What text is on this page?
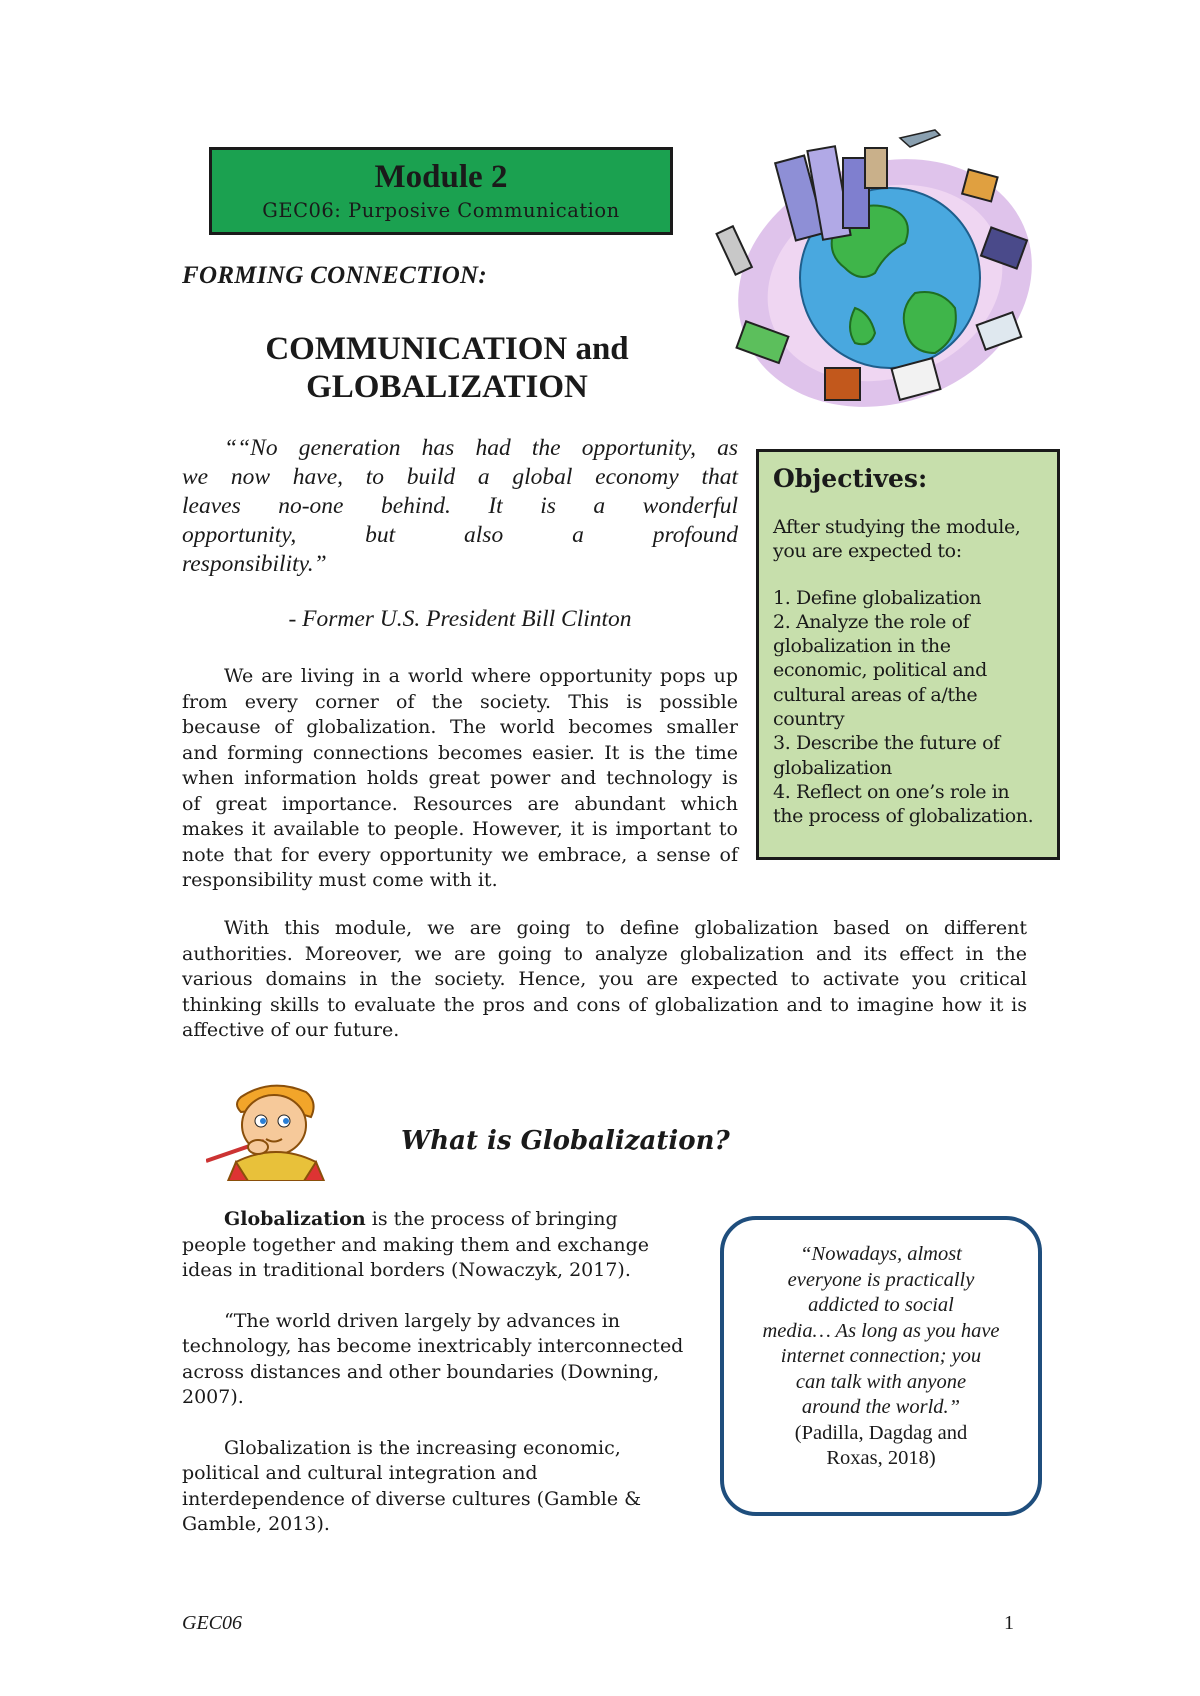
Module 2
GEC06: Purposive Communication
FORMING CONNECTION:
COMMUNICATION and
GLOBALIZATION
““No generation has had the opportunity, as
we now have, to build a global economy that
leaves no-one behind. It is a wonderful
opportunity, but also a profound
responsibility.”
- Former U.S. President Bill Clinton
We are living in a world where opportunity pops up
from every corner of the society. This is possible
because of globalization. The world becomes smaller
and forming connections becomes easier. It is the time
when information holds great power and technology is
of great importance. Resources are abundant which
makes it available to people. However, it is important to
note that for every opportunity we embrace, a sense of
responsibility must come with it.
Objectives:
After studying the module,
you are expected to:
1. Define globalization
2. Analyze the role of
globalization in the
economic, political and
cultural areas of a/the
country
3. Describe the future of
globalization
4. Reflect on one’s role in
the process of globalization.
With this module, we are going to define globalization based on different
authorities. Moreover, we are going to analyze globalization and its effect in the
various domains in the society. Hence, you are expected to activate you critical
thinking skills to evaluate the pros and cons of globalization and to imagine how it is
affective of our future.
What is Globalization?
Globalization is the process of bringing
people together and making them and exchange
ideas in traditional borders (Nowaczyk, 2017).
“The world driven largely by advances in
technology, has become inextricably interconnected
across distances and other boundaries (Downing,
2007).
Globalization is the increasing economic,
political and cultural integration and
interdependence of diverse cultures (Gamble &
Gamble, 2013).
“Nowadays, almost
everyone is practically
addicted to social
media… As long as you have
internet connection; you
can talk with anyone
around the world.”
(Padilla, Dagdag and
Roxas, 2018)
GEC06	1
